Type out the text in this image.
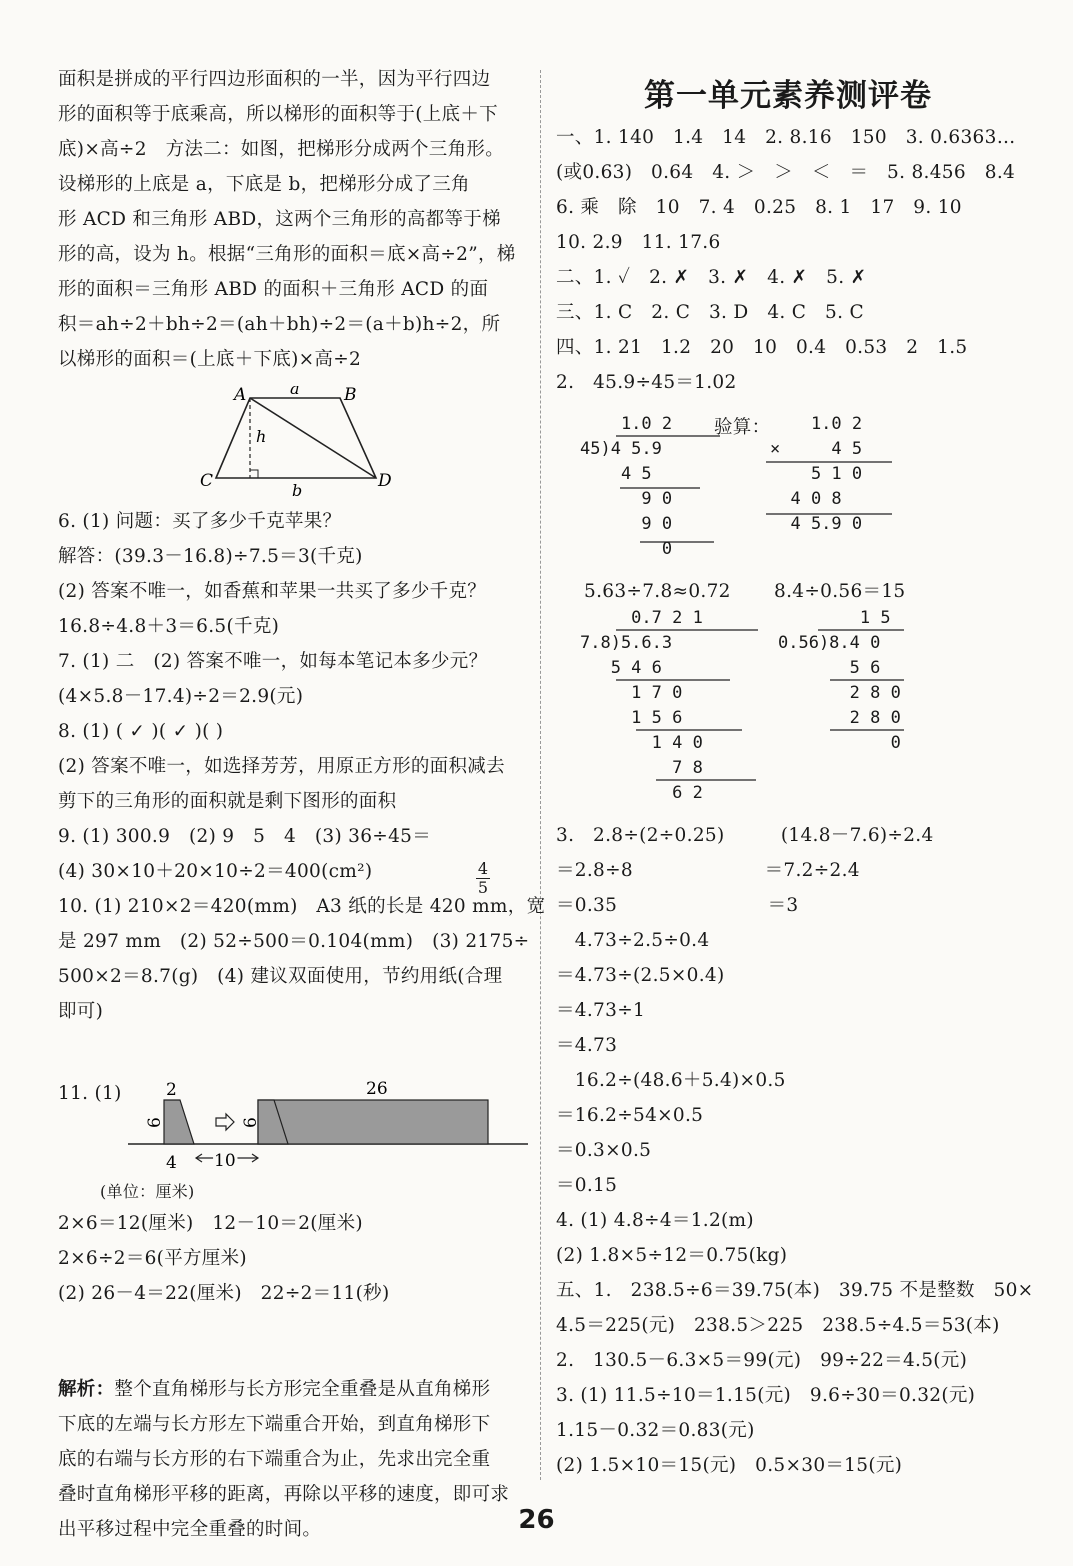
面积是拼成的平行四边形面积的一半，因为平行四边
形的面积等于底乘高，所以梯形的面积等于(上底＋下
底)×高÷2　方法二：如图，把梯形分成两个三角形。
设梯形的上底是 a，下底是 b，把梯形分成了三角
形 ACD 和三角形 ABD，这两个三角形的高都等于梯
形的高，设为 h。根据“三角形的面积＝底×高÷2”，梯
形的面积＝三角形 ABD 的面积＋三角形 ACD 的面
积＝ah÷2＋bh÷2＝(ah＋bh)÷2＝(a＋b)h÷2，所
以梯形的面积＝(上底＋下底)×高÷2
A	B
C	D
a
b
h
6. (1) 问题：买了多少千克苹果？
解答：(39.3－16.8)÷7.5＝3(千克)
(2) 答案不唯一，如香蕉和苹果一共买了多少千克？
16.8÷4.8＋3＝6.5(千克)
7. (1) 二　(2) 答案不唯一，如每本笔记本多少元？
(4×5.8－17.4)÷2＝2.9(元)
8. (1) ( ✓ )( ✓ )( )
(2) 答案不唯一，如选择芳芳，用原正方形的面积减去
剪下的三角形的面积就是剩下图形的面积
9. (1) 300.9　(2) 9　5　4　(3) 36÷45＝
(4) 30×10＋20×10÷2＝400(cm²)
10. (1) 210×2＝420(mm)　A3 纸的长是 420 mm，宽
是 297 mm　(2) 52÷500＝0.104(mm)　(3) 2175÷
500×2＝8.7(g)　(4) 建议双面使用，节约用纸(合理
即可)
4
5
11. (1)	2
6
4
26
6
10
(单位：厘米)
2×6＝12(厘米)　12－10＝2(厘米)
2×6÷2＝6(平方厘米)
(2) 26－4＝22(厘米)　22÷2＝11(秒)
解析：整个直角梯形与长方形完全重叠是从直角梯形
下底的左端与长方形左下端重合开始，到直角梯形下
底的右端与长方形的右下端重合为止，先求出完全重
叠时直角梯形平移的距离，再除以平移的速度，即可求
出平移过程中完全重叠的时间。
第一单元素养测评卷
一、1. 140　1.4　14　2. 8.16　150　3. 0.6363…
(或0.63)　0.64　4. ＞　＞　＜　＝　5. 8.456　8.4
6. 乘　除　10　7. 4　0.25　8. 1　17　9. 10
10. 2.9　11. 17.6
二、1. ✓　2. ✗　3. ✗　4. ✗　5. ✗
三、1. C　2. C　3. D　4. C　5. C
四、1. 21　1.2　20　10　0.4　0.53　2　1.5
2.　45.9÷45＝1.02
1.0 2
45)4 5.9
4 5
9 0
9 0
0
验算： 1.0 2
×     4 5
5 1 0
4 0 8
4 5.9 0
5.63÷7.8≈0.72 8.4÷0.56＝15
0.7 2 1
7.8)5.6.3
5 4 6
1 7 0
1 5 6
1 4 0
7 8
6 2
1 5
0.56)8.4 0
5 6
2 8 0
2 8 0
0
3.　2.8÷(2÷0.25)　　　(14.8－7.6)÷2.4
＝2.8÷8　　　　　　　＝7.2÷2.4
＝0.35　　　　　　　　＝3
　4.73÷2.5÷0.4
＝4.73÷(2.5×0.4)
＝4.73÷1
＝4.73
　16.2÷(48.6＋5.4)×0.5
＝16.2÷54×0.5
＝0.3×0.5
＝0.15
4. (1) 4.8÷4＝1.2(m)
(2) 1.8×5÷12＝0.75(kg)
五、1.　238.5÷6＝39.75(本)　39.75 不是整数　50×
4.5＝225(元)　238.5＞225　238.5÷4.5＝53(本)
2.　130.5－6.3×5＝99(元)　99÷22＝4.5(元)
3. (1) 11.5÷10＝1.15(元)　9.6÷30＝0.32(元)
1.15－0.32＝0.83(元)
(2) 1.5×10＝15(元)　0.5×30＝15(元)
26
